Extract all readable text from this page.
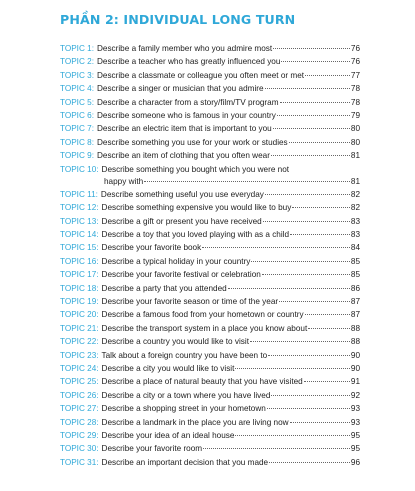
PHẦN 2: INDIVIDUAL LONG TURN
TOPIC 1: Describe a family member who you admire most	76
TOPIC 2: Describe a teacher who has greatly influenced you	76
TOPIC 3: Describe a classmate or colleague you often meet or met	77
TOPIC 4: Describe a singer or musician that you admire	78
TOPIC 5: Describe a character from a story/film/TV program	78
TOPIC 6: Describe someone who is famous in your country	79
TOPIC 7: Describe an electric item that is important to you	80
TOPIC 8: Describe something you use for your work or studies	80
TOPIC 9: Describe an item of clothing that you often wear	81
TOPIC 10: Describe something you bought which you were not
happy with	81
TOPIC 11: Describe something useful you use everyday	82
TOPIC 12: Describe something expensive you would like to buy	82
TOPIC 13: Describe a gift or present you have received	83
TOPIC 14: Describe a toy that you loved playing with as a child	83
TOPIC 15: Describe your favorite book	84
TOPIC 16: Describe a typical holiday in your country	85
TOPIC 17: Describe your favorite festival or celebration	85
TOPIC 18: Describe a party that you attended	86
TOPIC 19: Describe your favorite season or time of the year	87
TOPIC 20: Describe a famous food from your hometown or country	87
TOPIC 21: Describe the transport system in a place you know about	88
TOPIC 22: Describe a country you would like to visit	88
TOPIC 23: Talk about a foreign country you have been to	90
TOPIC 24: Describe a city you would like to visit	90
TOPIC 25: Describe a place of natural beauty that you have visited	91
TOPIC 26: Describe a city or a town where you have lived	92
TOPIC 27: Describe a shopping street in your hometown	93
TOPIC 28: Describe a landmark in the place you are living now	93
TOPIC 29: Describe your idea of an ideal house	95
TOPIC 30: Describe your favorite room	95
TOPIC 31: Describe an important decision that you made	96
